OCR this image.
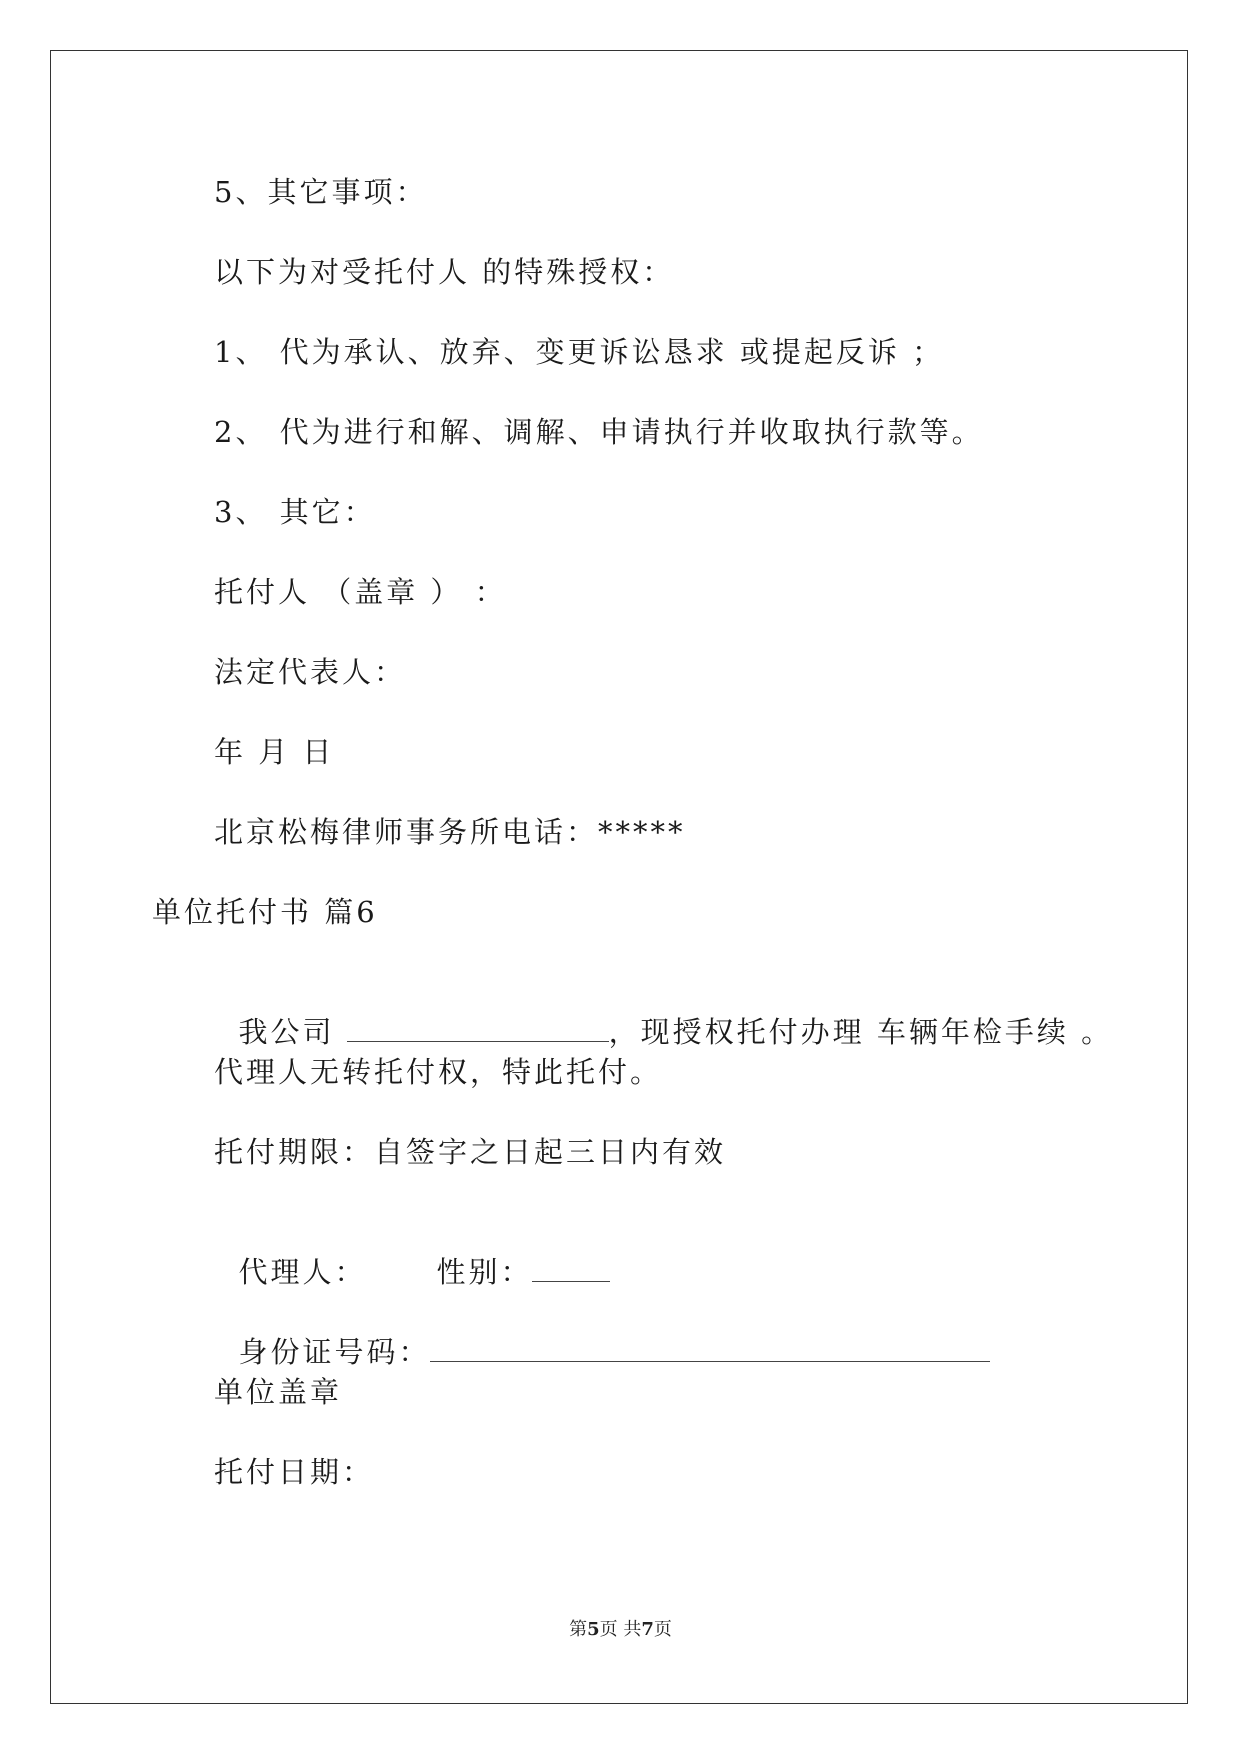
5、其它事项：
以下为对受托付人 的特殊授权：
1、 代为承认、放弃、变更诉讼恳求 或提起反诉 ；
2、 代为进行和解、调解、申请执行并收取执行款等。
3、 其它：
托付人 （盖章 ） ：
法定代表人：
年 月 日
北京松梅律师事务所电话：*****
单位托付书 篇6

我公司	，现授权托付办理 车辆年检手续 。

代理人无转托付权，特此托付。
托付期限：自签字之日起三日内有效

代理人： 性别：

身份证号码：

单位盖章
托付日期：
第5页 共7页
